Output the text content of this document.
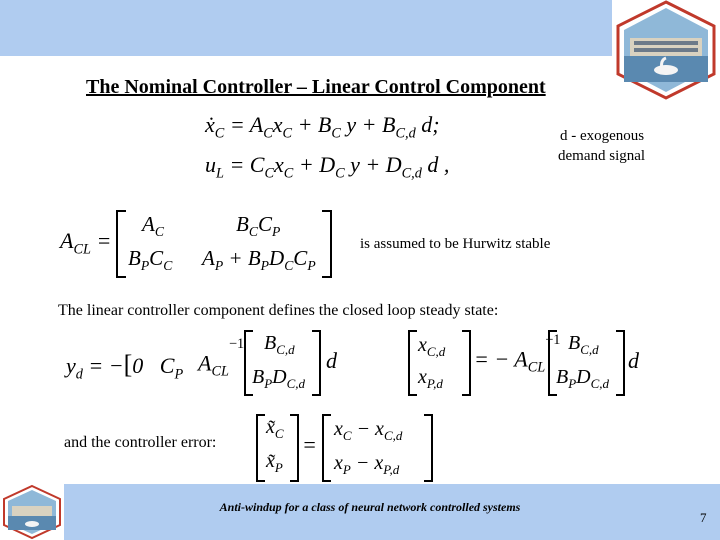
The Nominal Controller – Linear Control Component
$ẋ_C = A_Cx_C + B_C$ $y + B_{C,d}$ d;
$u_L = C_Cx_C + D_C$ $y + D_{C,d}$ d ,
d - exogenous
demand signal
$A_{CL}$ =
$A_C$	$B_CC_P$
$B_PC_C$ $A_P + B_PD_CC_P$
is assumed to be Hurwitz stable
The linear controller component defines the closed loop steady state:
$y_d = -[0$   $C_P$ $A_{CL}^{-1}$ $B_{C,d}$
$B_PD_{C,d}$
d
$x_{C,d}$
$x_{P,d}$
= − $A_{CL}^{-1}$ $B_{C,d}$
$B_PD_{C,d}$
d
and the controller error:
$x̃_C$
$x̃_P$
=
$x_C - x_{C,d}$
$x_P - x_{P,d}$
Anti-windup for a class of neural network controlled systems
7
